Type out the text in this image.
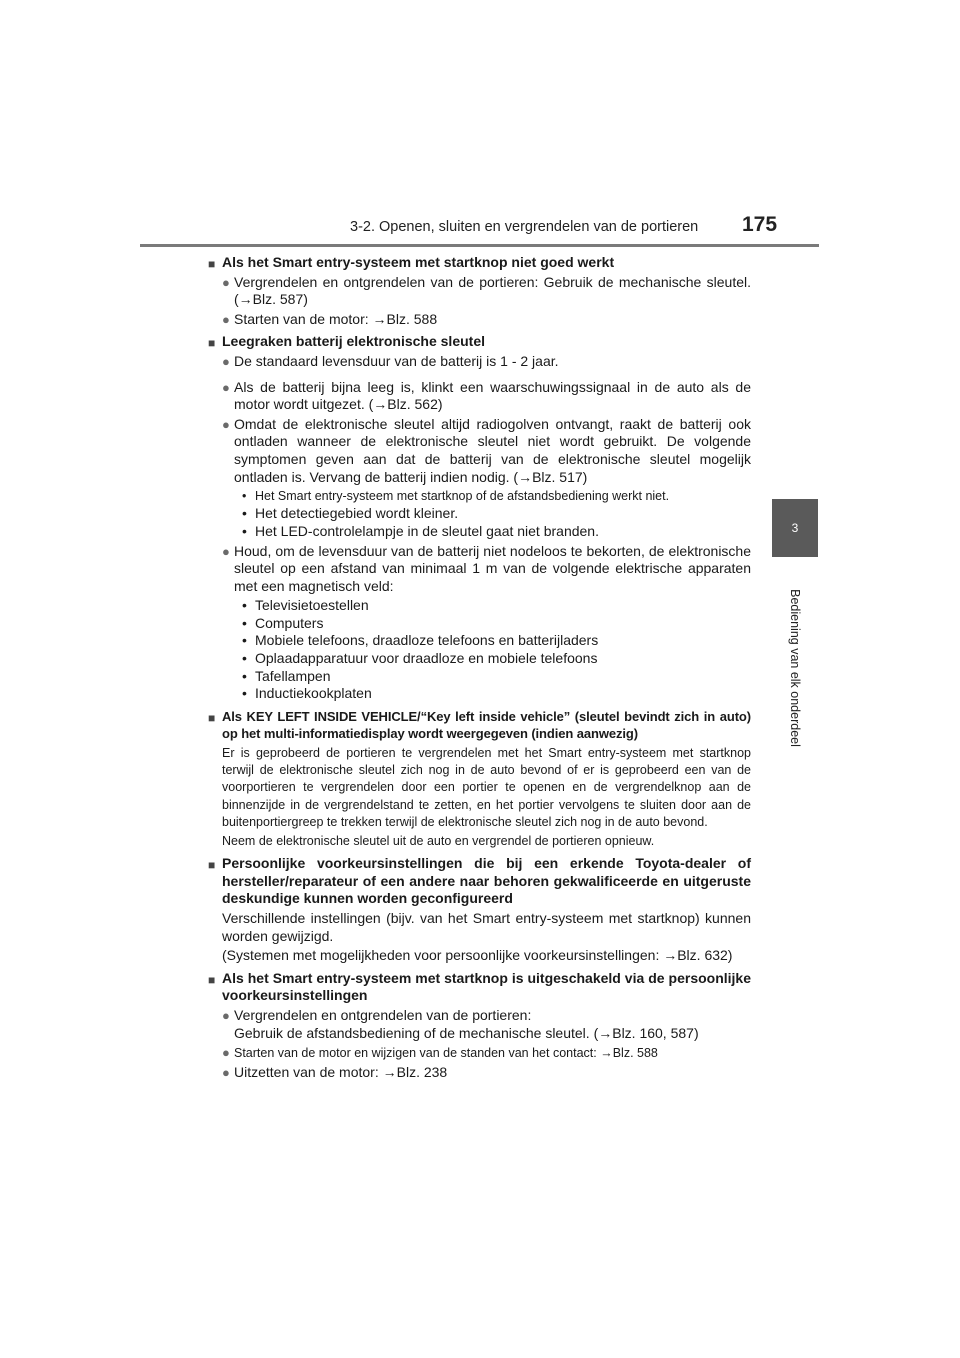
3-2. Openen, sluiten en vergrendelen van de portieren 175
3
Bediening van elk onderdeel
■ Als het Smart entry-systeem met startknop niet goed werkt
● Vergrendelen en ontgrendelen van de portieren: Gebruik de mechanische sleutel. (→Blz. 587)
● Starten van de motor: →Blz. 588
■ Leegraken batterij elektronische sleutel
● De standaard levensduur van de batterij is 1 - 2 jaar.
● Als de batterij bijna leeg is, klinkt een waarschuwingssignaal in de auto als de motor wordt uitgezet. (→Blz. 562)
● Omdat de elektronische sleutel altijd radiogolven ontvangt, raakt de batterij ook ontladen wanneer de elektronische sleutel niet wordt gebruikt. De volgende symptomen geven aan dat de batterij van de elektronische sleutel mogelijk ontladen is. Vervang de batterij indien nodig. (→Blz. 517)
• Het Smart entry-systeem met startknop of de afstandsbediening werkt niet.
• Het detectiegebied wordt kleiner.
• Het LED-controlelampje in de sleutel gaat niet branden.
● Houd, om de levensduur van de batterij niet nodeloos te bekorten, de elektronische sleutel op een afstand van minimaal 1 m van de volgende elektrische apparaten met een magnetisch veld:
• Televisietoestellen
• Computers
• Mobiele telefoons, draadloze telefoons en batterijladers
• Oplaadapparatuur voor draadloze en mobiele telefoons
• Tafellampen
• Inductiekookplaten
■ Als KEY LEFT INSIDE VEHICLE/“Key left inside vehicle” (sleutel bevindt zich in auto) op het multi-informatiedisplay wordt weergegeven (indien aanwezig)
Er is geprobeerd de portieren te vergrendelen met het Smart entry-systeem met startknop terwijl de elektronische sleutel zich nog in de auto bevond of er is geprobeerd een van de voorportieren te vergrendelen door een portier te openen en de vergrendelknop aan de binnenzijde in de vergrendelstand te zetten, en het portier vervolgens te sluiten door aan de buitenportiergreep te trekken terwijl de elektronische sleutel zich nog in de auto bevond.
Neem de elektronische sleutel uit de auto en vergrendel de portieren opnieuw.
■ Persoonlijke voorkeursinstellingen die bij een erkende Toyota-dealer of hersteller/reparateur of een andere naar behoren gekwalificeerde en uitgeruste deskundige kunnen worden geconfigureerd
Verschillende instellingen (bijv. van het Smart entry-systeem met startknop) kunnen worden gewijzigd.
(Systemen met mogelijkheden voor persoonlijke voorkeursinstellingen: →Blz. 632)
■ Als het Smart entry-systeem met startknop is uitgeschakeld via de persoonlijke voorkeursinstellingen
● Vergrendelen en ontgrendelen van de portieren:
Gebruik de afstandsbediening of de mechanische sleutel. (→Blz. 160, 587)
● Starten van de motor en wijzigen van de standen van het contact: →Blz. 588
● Uitzetten van de motor: →Blz. 238
